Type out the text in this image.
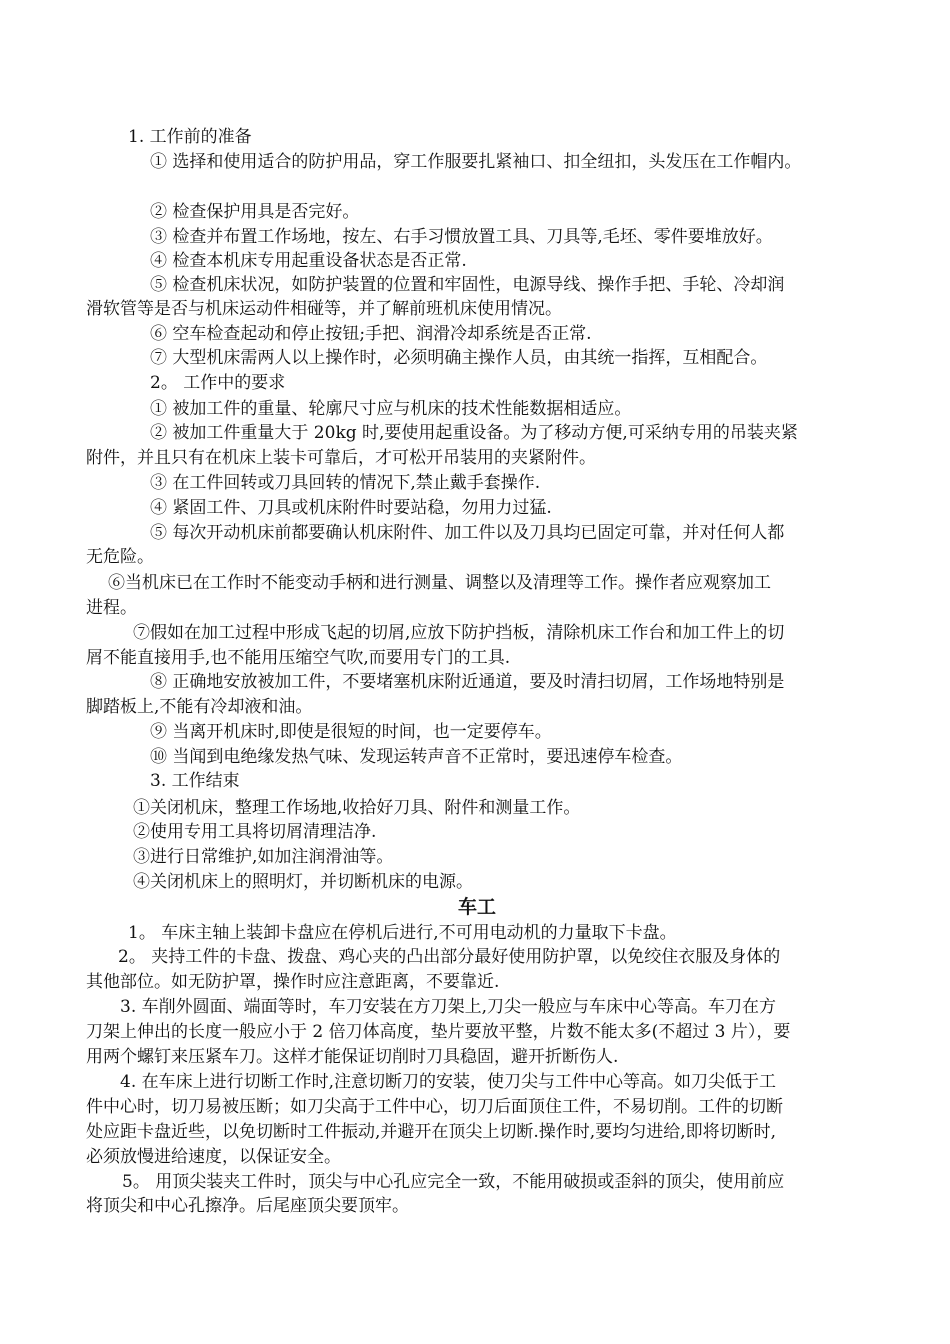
1. 工作前的准备
① 选择和使用适合的防护用品，穿工作服要扎紧袖口、扣全纽扣，头发压在工作帽内。
② 检查保护用具是否完好。
③ 检查并布置工作场地，按左、右手习惯放置工具、刀具等,毛坯、零件要堆放好。
④ 检查本机床专用起重设备状态是否正常.
⑤ 检查机床状况，如防护装置的位置和牢固性，电源导线、操作手把、手轮、冷却润
滑软管等是否与机床运动件相碰等，并了解前班机床使用情况。
⑥ 空车检查起动和停止按钮;手把、润滑冷却系统是否正常.
⑦ 大型机床需两人以上操作时，必须明确主操作人员，由其统一指挥，互相配合。
2。 工作中的要求
① 被加工件的重量、轮廓尺寸应与机床的技术性能数据相适应。
② 被加工件重量大于 20kg 时,要使用起重设备。为了移动方便,可采纳专用的吊装夹紧
附件，并且只有在机床上装卡可靠后，才可松开吊装用的夹紧附件。
③ 在工件回转或刀具回转的情况下,禁止戴手套操作.
④ 紧固工件、刀具或机床附件时要站稳，勿用力过猛.
⑤ 每次开动机床前都要确认机床附件、加工件以及刀具均已固定可靠，并对任何人都
无危险。
⑥当机床已在工作时不能变动手柄和进行测量、调整以及清理等工作。操作者应观察加工
进程。
⑦假如在加工过程中形成飞起的切屑,应放下防护挡板，清除机床工作台和加工件上的切
屑不能直接用手,也不能用压缩空气吹,而要用专门的工具.
⑧ 正确地安放被加工件，不要堵塞机床附近通道，要及时清扫切屑，工作场地特别是
脚踏板上,不能有冷却液和油。
⑨ 当离开机床时,即使是很短的时间，也一定要停车。
⑩ 当闻到电绝缘发热气味、发现运转声音不正常时，要迅速停车检查。
3. 工作结束
①关闭机床，整理工作场地,收拾好刀具、附件和测量工作。
②使用专用工具将切屑清理洁净.
③进行日常维护,如加注润滑油等。
④关闭机床上的照明灯，并切断机床的电源。
车工
1。 车床主轴上装卸卡盘应在停机后进行,不可用电动机的力量取下卡盘。
2。 夹持工件的卡盘、拨盘、鸡心夹的凸出部分最好使用防护罩，以免绞住衣服及身体的
其他部位。如无防护罩，操作时应注意距离，不要靠近.
3. 车削外圆面、端面等时，车刀安装在方刀架上,刀尖一般应与车床中心等高。车刀在方
刀架上伸出的长度一般应小于 2 倍刀体高度，垫片要放平整，片数不能太多(不超过 3 片），要
用两个螺钉来压紧车刀。这样才能保证切削时刀具稳固，避开折断伤人.
4. 在车床上进行切断工作时,注意切断刀的安装，使刀尖与工件中心等高。如刀尖低于工
件中心时，切刀易被压断；如刀尖高于工件中心，切刀后面顶住工件，不易切削。工件的切断
处应距卡盘近些，以免切断时工件振动,并避开在顶尖上切断.操作时,要均匀进给,即将切断时,
必须放慢进给速度，以保证安全。
5。 用顶尖装夹工件时，顶尖与中心孔应完全一致，不能用破损或歪斜的顶尖，使用前应
将顶尖和中心孔擦净。后尾座顶尖要顶牢。
